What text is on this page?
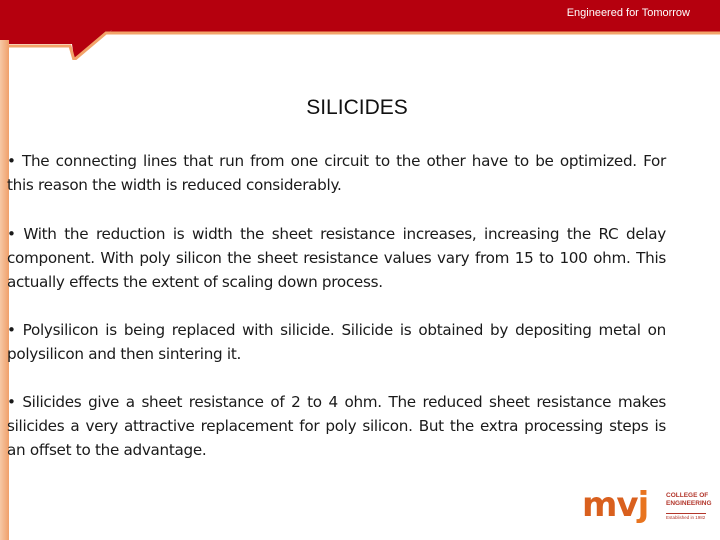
Engineered for Tomorrow
SILICIDES
• The connecting lines that run from one circuit to the other have to be optimized. For this reason the width is reduced considerably.
• With the reduction is width the sheet resistance increases, increasing the RC delay component. With poly silicon the sheet resistance values vary from 15 to 100 ohm. This actually effects the extent of scaling down process.
• Polysilicon is being replaced with silicide. Silicide is obtained by depositing metal on polysilicon and then sintering it.
• Silicides give a sheet resistance of 2 to 4 ohm. The reduced sheet resistance makes silicides a very attractive replacement for poly silicon. But the extra processing steps is an offset to the advantage.
mvj	COLLEGE OF
ENGINEERING
Established in 1982
